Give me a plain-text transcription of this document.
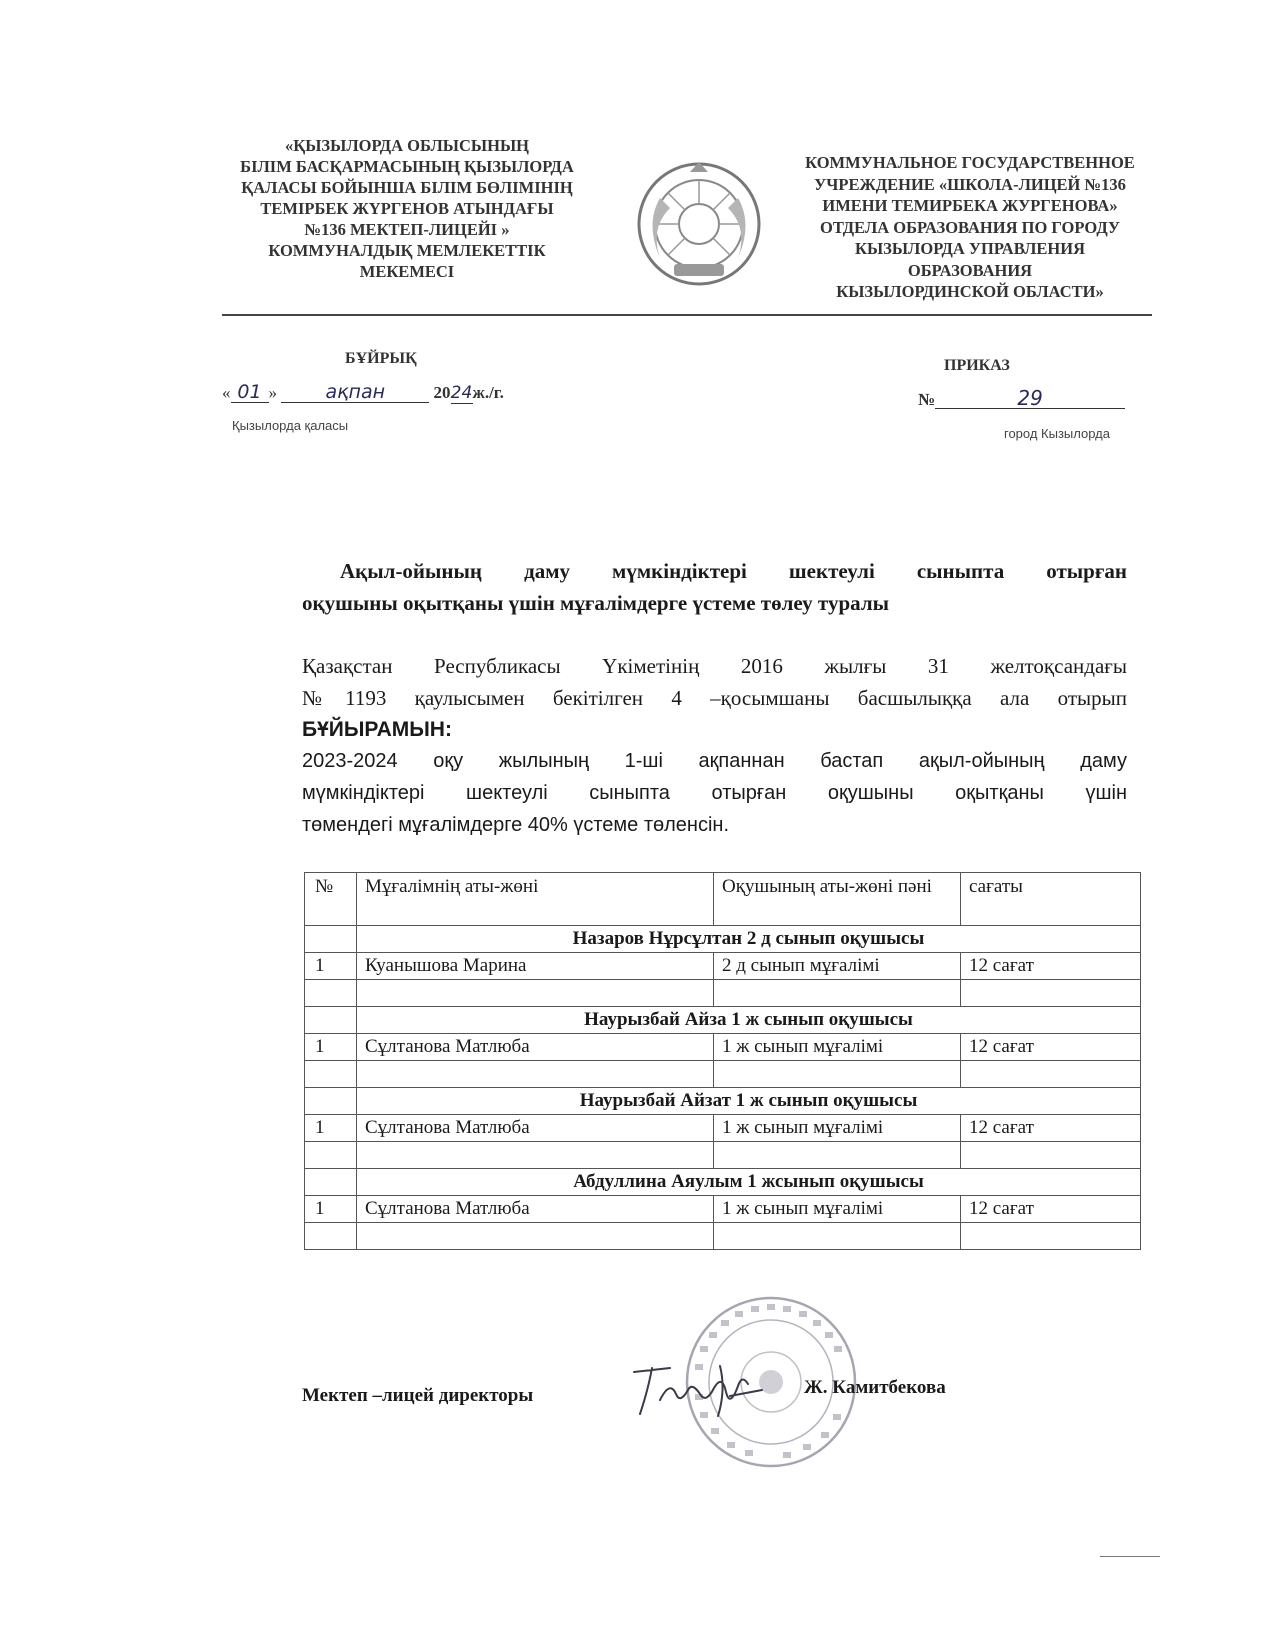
«ҚЫЗЫЛОРДА ОБЛЫСЫНЫҢ
БІЛІМ БАСҚАРМАСЫНЫҢ ҚЫЗЫЛОРДА
ҚАЛАСЫ БОЙЫНША БІЛІМ БӨЛІМІНІҢ
ТЕМІРБЕК ЖҮРГЕНОВ АТЫНДАҒЫ
№136 МЕКТЕП-ЛИЦЕЙІ »
КОММУНАЛДЫҚ МЕМЛЕКЕТТІК
МЕКЕМЕСІ
КОММУНАЛЬНОЕ ГОСУДАРСТВЕННОЕ
УЧРЕЖДЕНИЕ «ШКОЛА-ЛИЦЕЙ №136
ИМЕНИ ТЕМИРБЕКА ЖУРГЕНОВА»
ОТДЕЛА ОБРАЗОВАНИЯ ПО ГОРОДУ
КЫЗЫЛОРДА УПРАВЛЕНИЯ
ОБРАЗОВАНИЯ
КЫЗЫЛОРДИНСКОЙ ОБЛАСТИ»
БҰЙРЫҚ	ПРИКАЗ
« 01 »	ақпан	2024ж./г.
Қызылорда қаласы
№	29
город Кызылорда
Ақыл-ойының даму мүмкіндіктері шектеулі сыныпта отырған
оқушыны оқытқаны үшін мұғалімдерге үстеме төлеу туралы
Қазақстан Республикасы Үкіметінің 2016 жылғы 31 желтоқсандағы
№1193 қаулысымен бекітілген 4 –қосымшаны басшылыққа ала отырып
БҰЙЫРАМЫН:
2023-2024 оқу жылының 1-ші ақпаннан бастап ақыл-ойының даму
мүмкіндіктері шектеулі сыныпта отырған оқушыны оқытқаны үшін
төмендегі мұғалімдерге 40% үстеме төленсін.
№	Мұғалімнің аты-жөні	Оқушының аты-жөні пәні	сағаты
	Назаров Нұрсұлтан 2 д сынып оқушысы		
1	Куанышова Марина	2 д сынып мұғалімі	12 сағат

	Наурызбай Айза 1 ж сынып оқушысы		
1	Сұлтанова Матлюба	1 ж сынып мұғалімі	12 сағат

	Наурызбай Айзат 1 ж сынып оқушысы		
1	Сұлтанова Матлюба	1 ж сынып мұғалімі	12 сағат

	Абдуллина Аяулым 1 жсынып оқушысы		
1	Сұлтанова Матлюба	1 ж сынып мұғалімі	12 сағат

Мектеп –лицей директоры	Ж. Камитбекова
